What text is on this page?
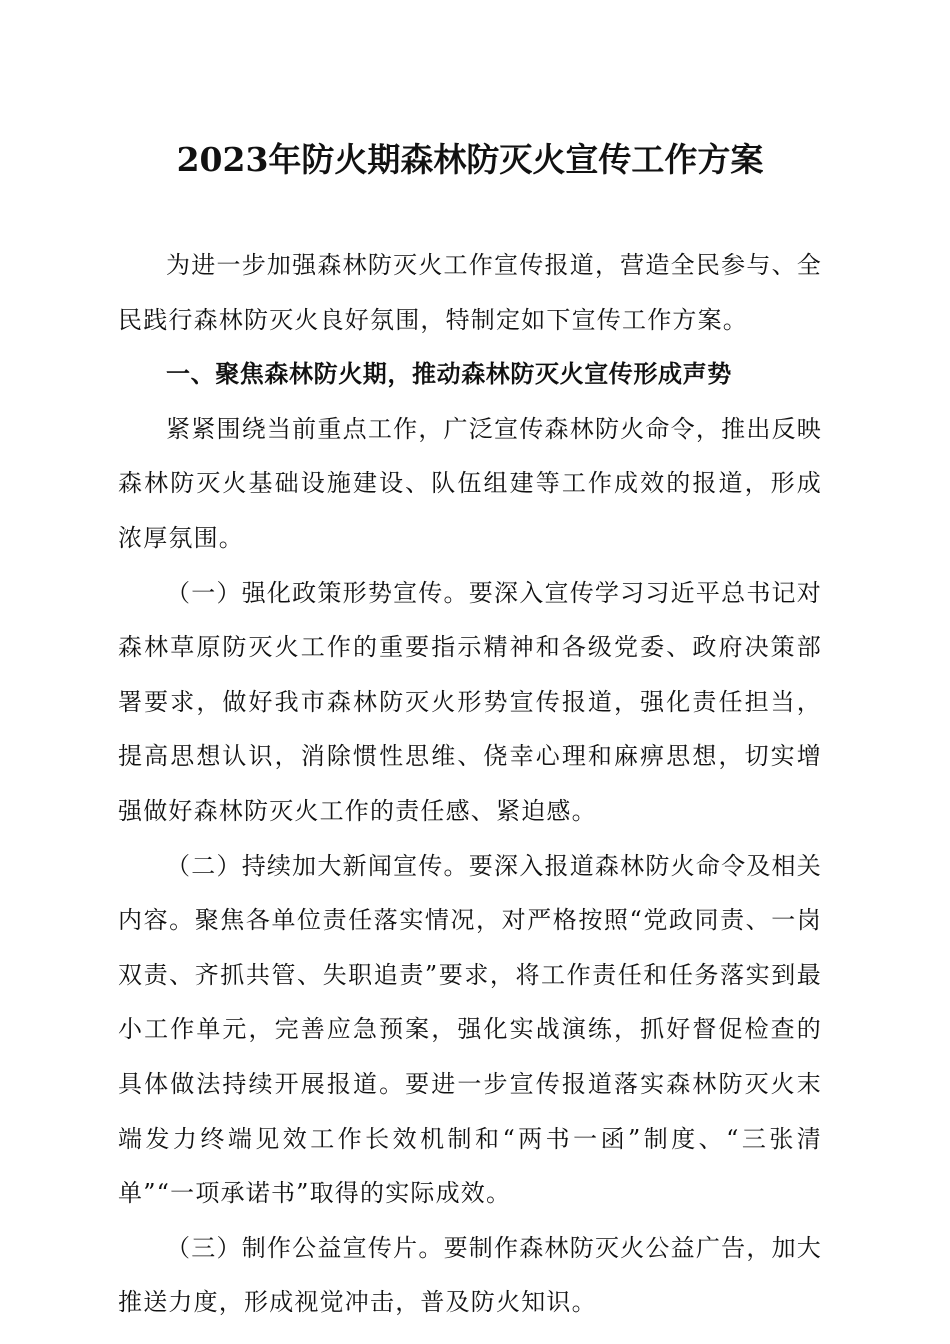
2023年防火期森林防灭火宣传工作方案

为进一步加强森林防灭火工作宣传报道，营造全民参与、全民践行森林防灭火良好氛围，特制定如下宣传工作方案。

一、聚焦森林防火期，推动森林防灭火宣传形成声势

紧紧围绕当前重点工作，广泛宣传森林防火命令，推出反映森林防灭火基础设施建设、队伍组建等工作成效的报道，形成浓厚氛围。

（一）强化政策形势宣传。要深入宣传学习习近平总书记对森林草原防灭火工作的重要指示精神和各级党委、政府决策部署要求，做好我市森林防灭火形势宣传报道，强化责任担当，提高思想认识，消除惯性思维、侥幸心理和麻痹思想，切实增强做好森林防灭火工作的责任感、紧迫感。

（二）持续加大新闻宣传。要深入报道森林防火命令及相关内容。聚焦各单位责任落实情况，对严格按照“党政同责、一岗双责、齐抓共管、失职追责”要求，将工作责任和任务落实到最小工作单元，完善应急预案，强化实战演练，抓好督促检查的具体做法持续开展报道。要进一步宣传报道落实森林防灭火末端发力终端见效工作长效机制和“两书一函”制度、“三张清单”“一项承诺书”取得的实际成效。

（三）制作公益宣传片。要制作森林防灭火公益广告，加大推送力度，形成视觉冲击，普及防火知识。
